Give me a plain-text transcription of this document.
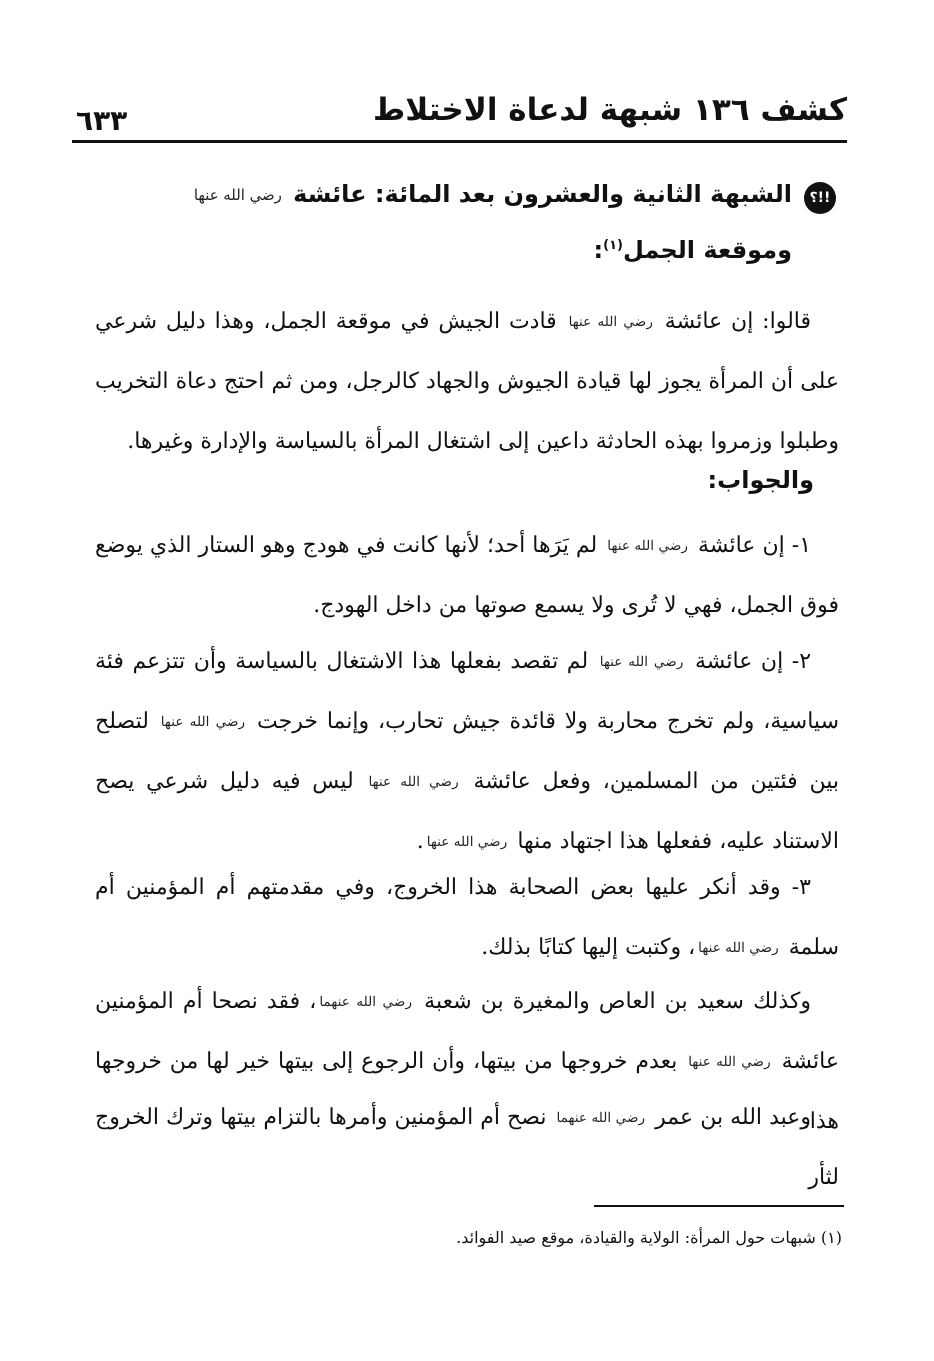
كشف ١٣٦ شبهة لدعاة الاختلاط
٦٣٣
!!؟
الشبهة الثانية والعشرون بعد المائة: عائشة رضي الله عنها
وموقعة الجمل$^{(١)}$:

قالوا: إن عائشة رضي الله عنها قادت الجيش في موقعة الجمل، وهذا دليل شرعي على أن المرأة يجوز لها قيادة الجيوش والجهاد كالرجل، ومن ثم احتج دعاة التخريب وطبلوا وزمروا بهذه الحادثة داعين إلى اشتغال المرأة بالسياسة والإدارة وغيرها.

والجواب:

١- إن عائشة رضي الله عنها لم يَرَها أحد؛ لأنها كانت في هودج وهو الستار الذي يوضع فوق الجمل، فهي لا تُرى ولا يسمع صوتها من داخل الهودج.

٢- إن عائشة رضي الله عنها لم تقصد بفعلها هذا الاشتغال بالسياسة وأن تتزعم فئة سياسية، ولم تخرج محاربة ولا قائدة جيش تحارب، وإنما خرجت رضي الله عنها لتصلح بين فئتين من المسلمين، وفعل عائشة رضي الله عنها ليس فيه دليل شرعي يصح الاستناد عليه، ففعلها هذا اجتهاد منها رضي الله عنها.

٣- وقد أنكر عليها بعض الصحابة هذا الخروج، وفي مقدمتهم أم المؤمنين أم سلمة رضي الله عنها، وكتبت إليها كتابًا بذلك.

وكذلك سعيد بن العاص والمغيرة بن شعبة رضي الله عنهما، فقد نصحا أم المؤمنين عائشة رضي الله عنها بعدم خروجها من بيتها، وأن الرجوع إلى بيتها خير لها من خروجها هذا.

وعبد الله بن عمر رضي الله عنهما نصح أم المؤمنين وأمرها بالتزام بيتها وترك الخروج لثأر

(١) شبهات حول المرأة: الولاية والقيادة، موقع صيد الفوائد.
